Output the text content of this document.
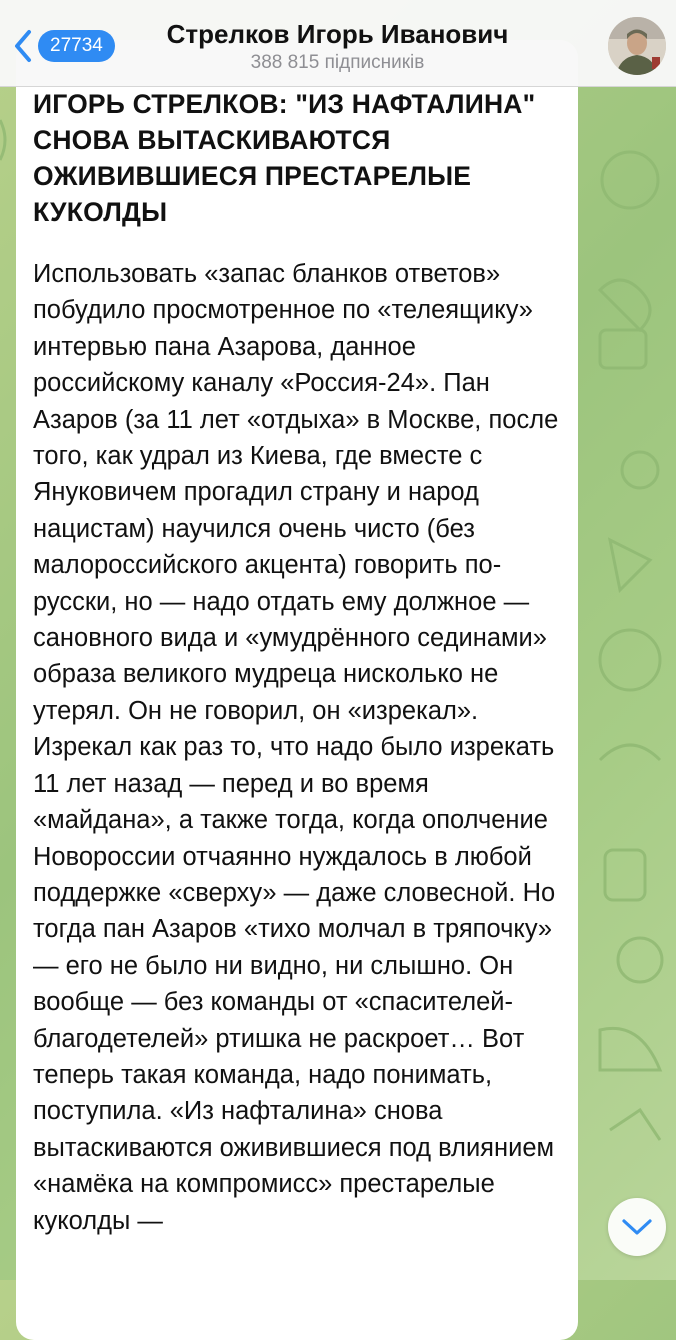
ИГОРЬ СТРЕЛКОВ: "ИЗ НАФТАЛИНА" СНОВА ВЫТАСКИВАЮТСЯ ОЖИВИВШИЕСЯ ПРЕСТАРЕЛЫЕ КУКОЛДЫ

Использовать «запас бланков ответов» побудило просмотренное по «телеящику» интервью пана Азарова, данное российскому каналу «Россия-24». Пан Азаров (за 11 лет «отдыха» в Москве, после того, как удрал из Киева, где вместе с Януковичем прогадил страну и народ нацистам) научился очень чисто (без малороссийского акцента) говорить по-русски, но — надо отдать ему должное — сановного вида и «умудрённого сединами» образа великого мудреца нисколько не утерял. Он не говорил, он «изрекал». Изрекал как раз то, что надо было изрекать 11 лет назад — перед и во время «майдана», а также тогда, когда ополчение Новороссии отчаянно нуждалось в любой поддержке «сверху» — даже словесной. Но тогда пан Азаров «тихо молчал в тряпочку» — его не было ни видно, ни слышно. Он вообще — без команды от «спасителей-благодетелей» ртишка не раскроет… Вот теперь такая команда, надо понимать, поступила. «Из нафталина» снова вытаскиваются оживившиеся под влиянием «намёка на компромисс» престарелые куколды —

27734	Стрелков Игорь Иванович
388 815 підписників
